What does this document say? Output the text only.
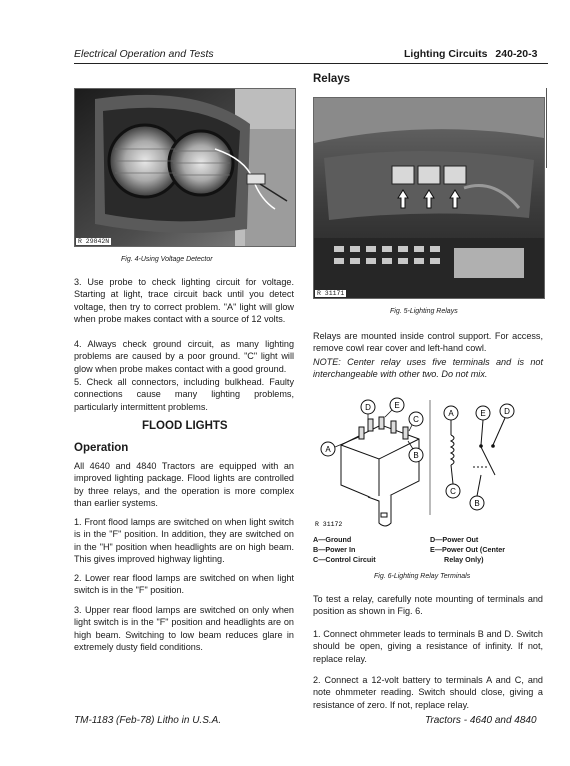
Electrical Operation and Tests	Lighting Circuits 240-20-3
R 29842N
Fig. 4-Using Voltage Detector
3. Use probe to check lighting circuit for voltage. Starting at light, trace circuit back until you detect voltage, then try to correct problem. "A" light will glow when probe makes contact with a source of 12 volts.
4. Always check ground circuit, as many lighting problems are caused by a poor ground. "C" light will glow when probe makes contact with a good ground.
5. Check all connectors, including bulkhead. Faulty connections cause many lighting problems, particularly intermittent problems.
FLOOD LIGHTS
Operation
All 4640 and 4840 Tractors are equipped with an improved lighting package. Flood lights are controlled by three relays, and the operation is more complex than earlier systems.
1. Front flood lamps are switched on when light switch is in the "F" position. In addition, they are switched on in the "H" position when headlights are on high beam. This gives improved highway lighting.
2. Lower rear flood lamps are switched on when light switch is in the "F" position.
3. Upper rear flood lamps are switched on only when light switch is in the "F" position and headlights are on high beam. Switching to low beam reduces glare in extremely dusty field conditions.
Relays
R 31171
Fig. 5-Lighting Relays
Relays are mounted inside control support. For access, remove cowl rear cover and left-hand cowl.
NOTE: Center relay uses five terminals and is not interchangeable with other two. Do not mix.
D	E
C
A
B
A	E D
C
B
R 31172
A—Ground
B—Power In
C—Control Circuit
D—Power Out
E—Power Out (Center
Relay Only)
Fig. 6-Lighting Relay Terminals
To test a relay, carefully note mounting of terminals and position as shown in Fig. 6.
1. Connect ohmmeter leads to terminals B and D. Switch should be open, giving a resistance of infinity. If not, replace relay.
2. Connect a 12-volt battery to terminals A and C, and note ohmmeter reading. Switch should close, giving a resistance of zero. If not, replace relay.
TM-1183 (Feb-78) Litho in U.S.A.	Tractors - 4640 and 4840
